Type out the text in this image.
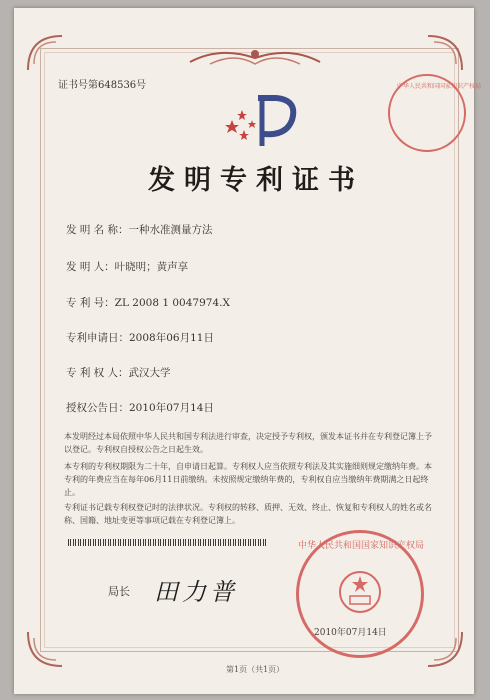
证书号第648536号	中华人民共和国国家知识产权局
发明专利证书
发 明 名 称：一种水准测量方法
发 明 人：叶晓明；黄声享
专 利 号：ZL 2008 1 0047974.X
专利申请日：2008年06月11日
专 利 权 人：武汉大学
授权公告日：2010年07月14日
本发明经过本局依照中华人民共和国专利法进行审查，决定授予专利权，颁发本证书并在专利登记簿上予以登记。专利权自授权公告之日起生效。
本专利的专利权期限为二十年，自申请日起算。专利权人应当依照专利法及其实施细则规定缴纳年费。本专利的年费应当在每年06月11日前缴纳。未按照规定缴纳年费的，专利权自应当缴纳年费期满之日起终止。
专利证书记载专利权登记时的法律状况。专利权的转移、质押、无效、终止、恢复和专利权人的姓名或名称、国籍、地址变更等事项记载在专利登记簿上。
局长 田力普
中华人民共和国国家知识产权局
2010年07月14日
第1页（共1页）
